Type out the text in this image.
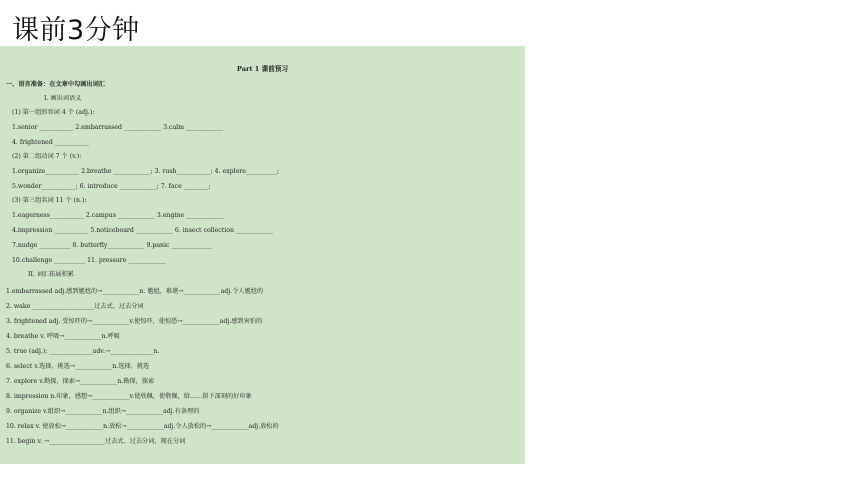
课前3分钟
Part 1 课前预习
一、语言准备：在文章中勾画出词汇
I. 画出词语义
(1) 第一组形容词 4 个 (adj.):
1.senior ___________ 2.embarrassed ____________ 3.calm ____________
4. frightened ___________
(2) 第二组动词 7 个 (v.):
1.organize___________ 2.breathe ____________; 3. rush___________; 4. explore__________;
5.wonder___________; 6. introduce ____________; 7. face ________;
(3) 第三组名词 11 个 (n.):
1.eagerness___________ 2.campus ____________ 3.engine ____________
4.impression ___________ 5.noticeboard ____________ 6. insect collection ____________
7.nudge __________ 8. butterfly____________ 9.panic _____________
10.challenge __________ 11. pressure ____________
II. 词汇拓展积累
1.embarrassed adj.感到尴尬的→____________n. 尴尬，难堪→____________adj.令人尴尬的
2. wake ____________________过去式、过去分词
3. frightened adj. 受惊吓的→____________v.使惊吓，使惊恐→____________adj.感到害怕的
4. breathe v. 呼吸→____________n.呼吸
5. true (adj.): ______________adv.→______________n.
6. select v.选择，挑选→____________n.选择，挑选
7. explore v.勘探，探索→____________n.勘探，探索
8. impression n.印象，感想→____________v.使欣佩，使敬佩，给……留下深刻的好印象
9. organize v.组织→____________n.组织→____________adj.有条理的
10. relax v. 使放松→____________n.放松→____________adj.令人放松的→____________adj.放松的
11. begin v. →__________________过去式、过去分词、现在分词
